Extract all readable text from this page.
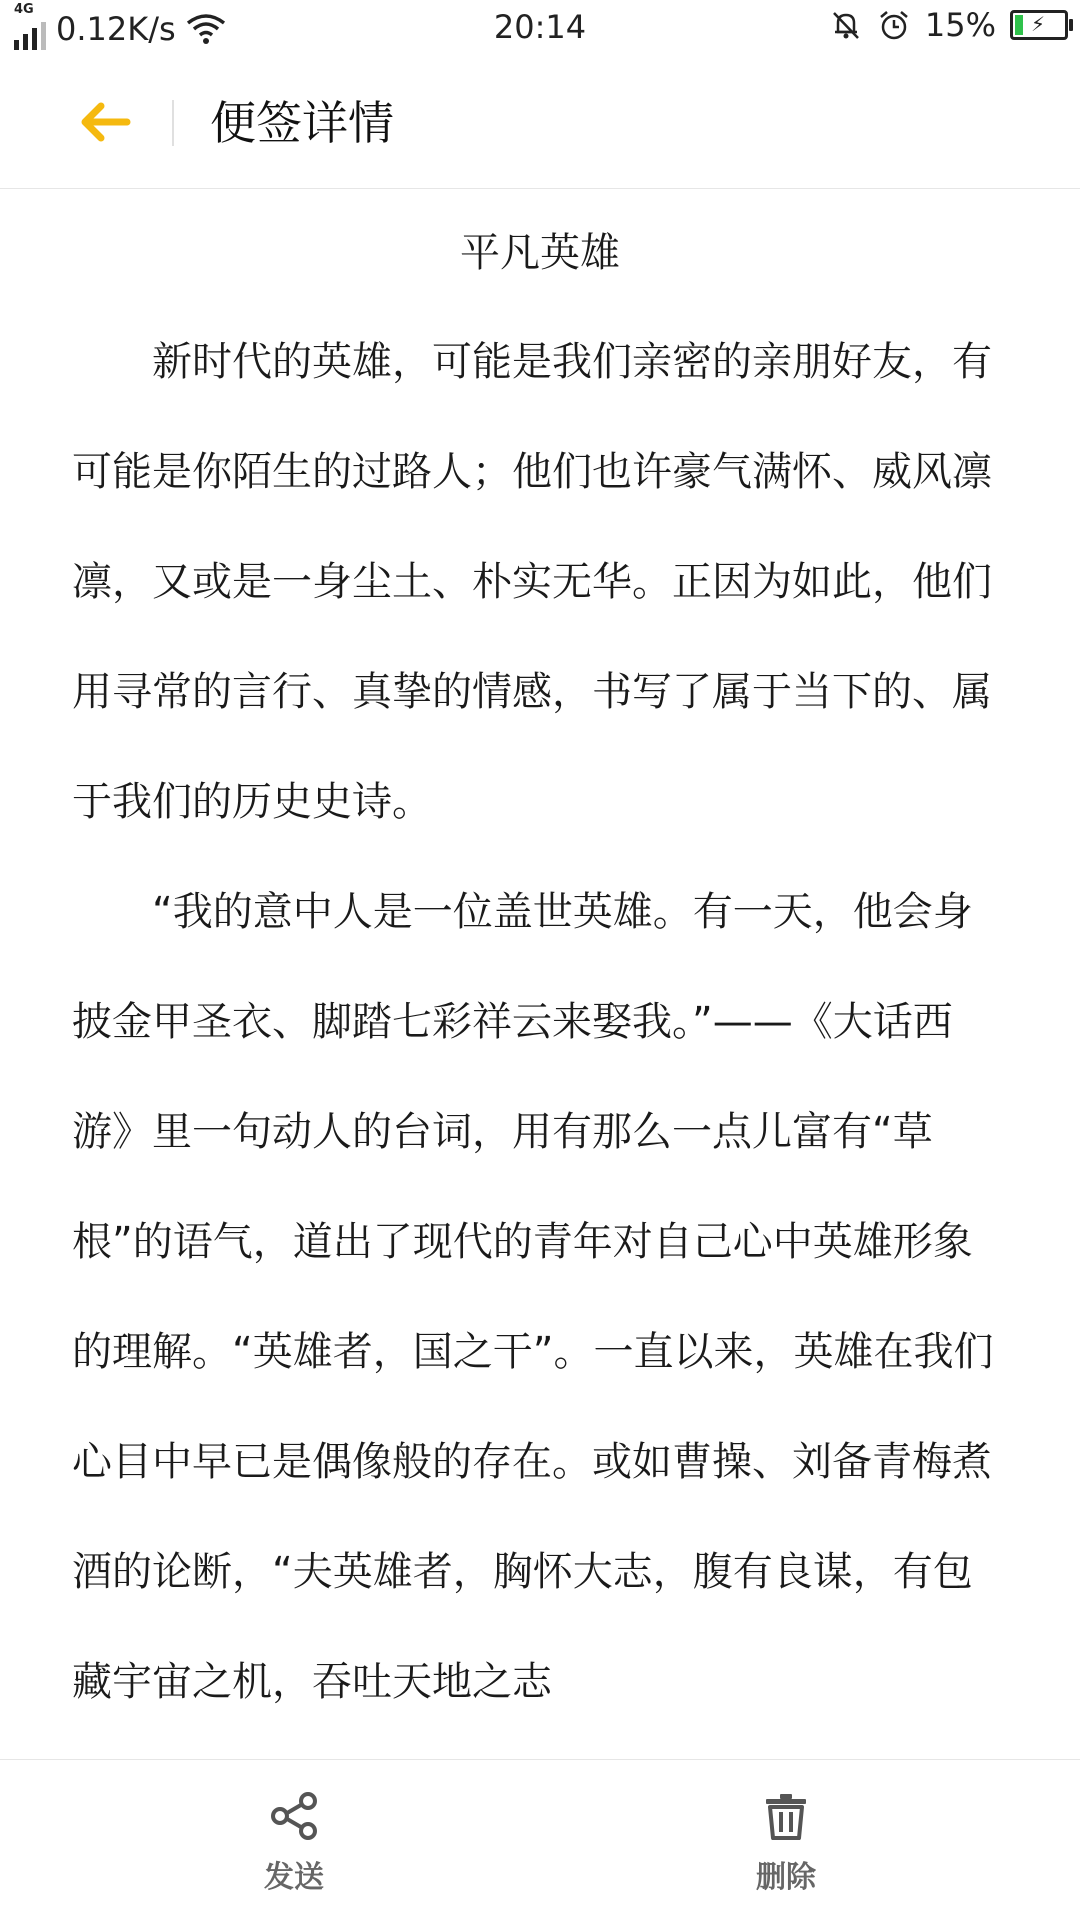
4G
0.12K/s	20:14	15% ⚡
便签详情
平凡英雄

新时代的英雄，可能是我们亲密的亲朋好友，有可能是你陌生的过路人；他们也许豪气满怀、威风凛凛，又或是一身尘土、朴实无华。正因为如此，他们用寻常的言行、真挚的情感，书写了属于当下的、属于我们的历史史诗。

“我的意中人是一位盖世英雄。有一天，他会身披金甲圣衣、脚踏七彩祥云来娶我。”——《大话西游》里一句动人的台词，用有那么一点儿富有“草根”的语气，道出了现代的青年对自己心中英雄形象的理解。“英雄者，国之干”。一直以来，英雄在我们心目中早已是偶像般的存在。或如曹操、刘备青梅煮酒的论断，“夫英雄者，胸怀大志，腹有良谋，有包藏宇宙之机，吞吐天地之志

发送	删除
